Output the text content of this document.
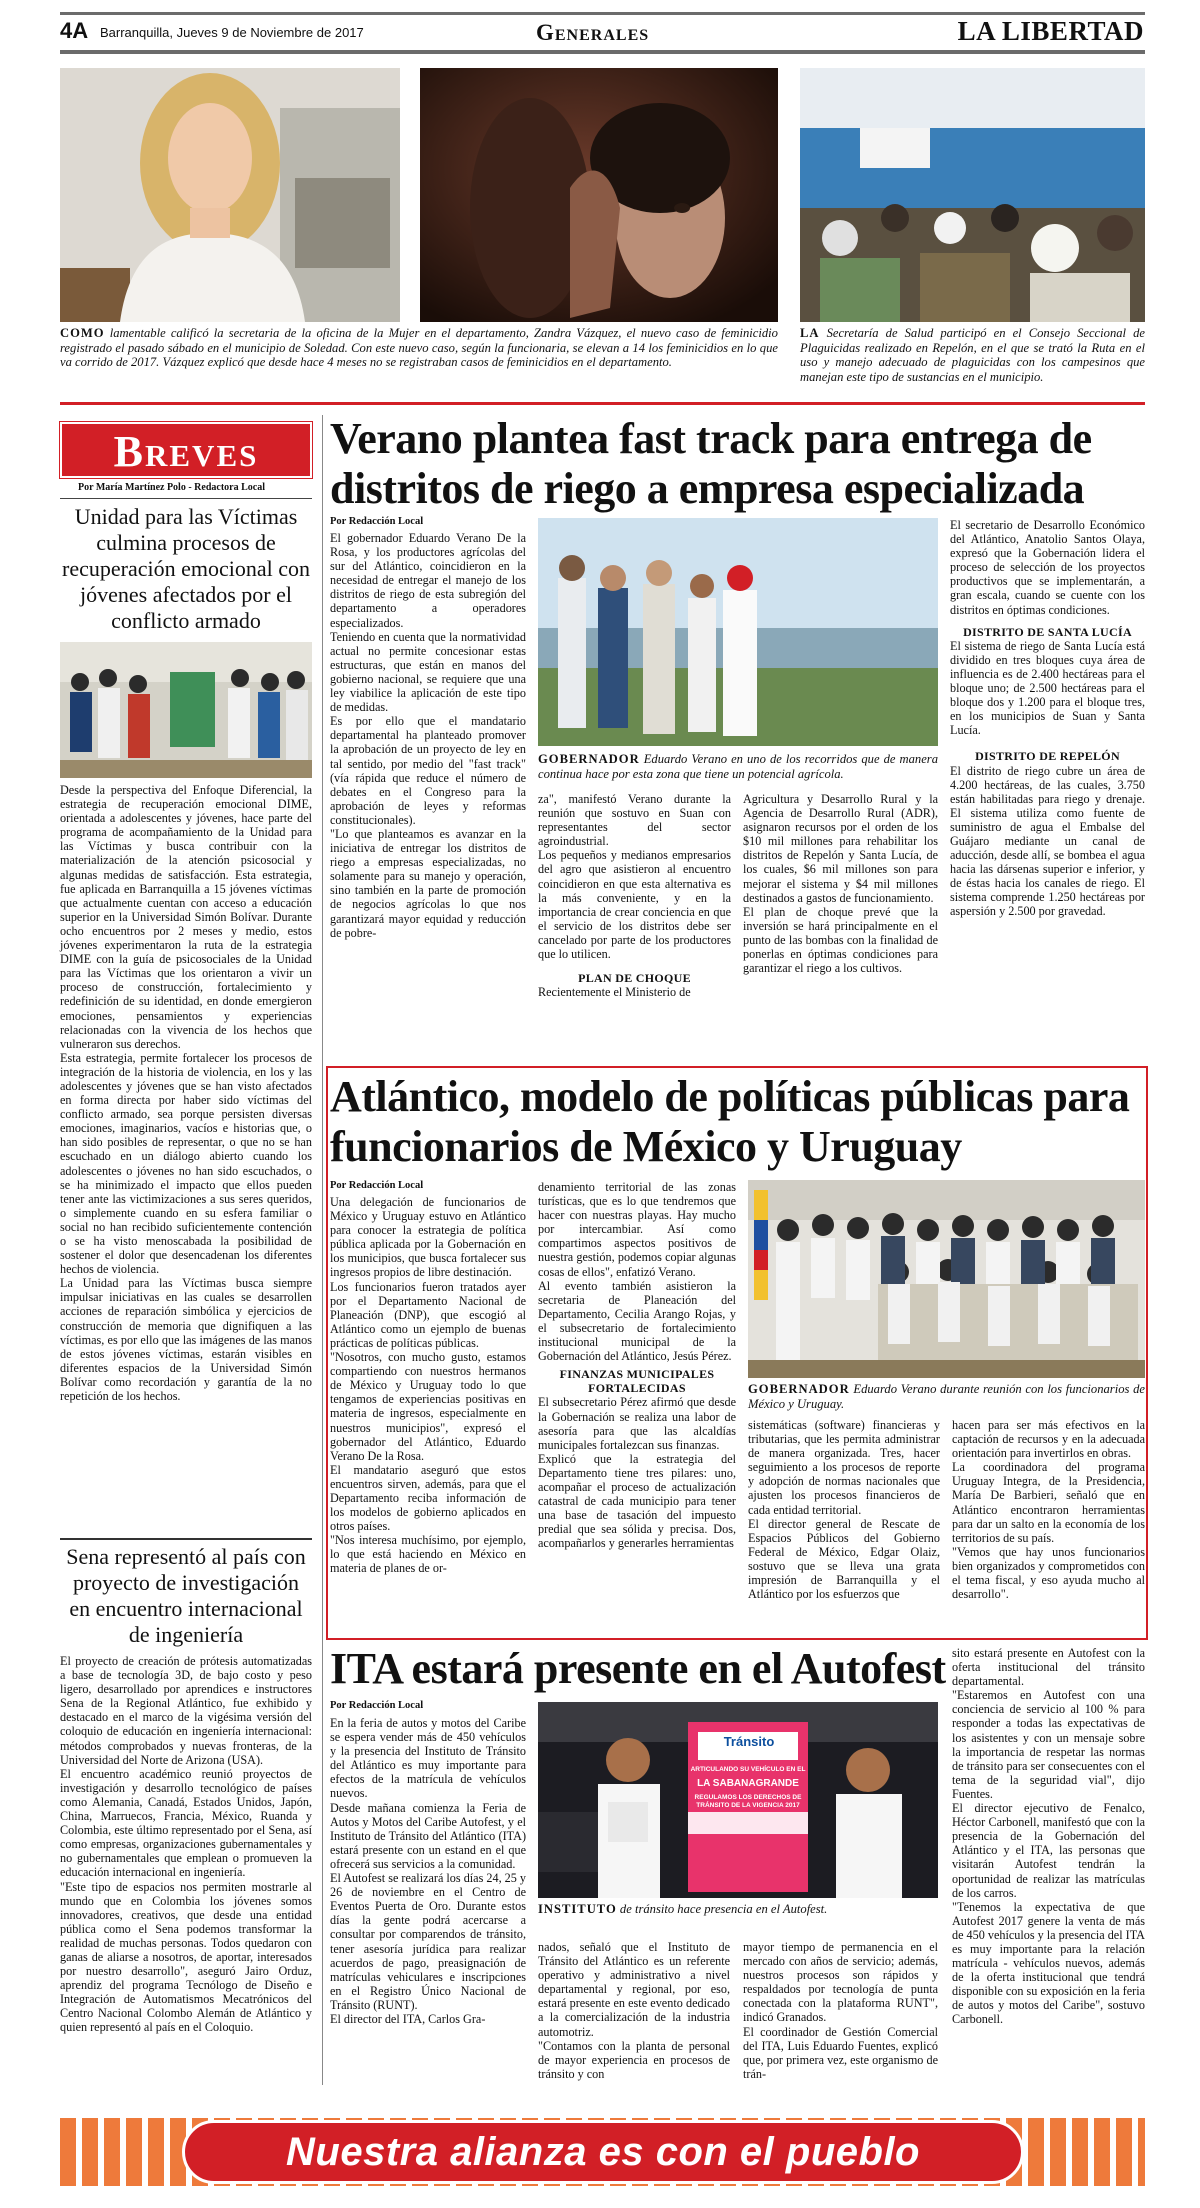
4A Barranquilla, Jueves 9 de Noviembre de 2017	Generales	LA LIBERTAD
COMO lamentable calificó la secretaria de la oficina de la Mujer en el departamento, Zandra Vázquez, el nuevo caso de feminicidio registrado el pasado sábado en el municipio de Soledad. Con este nuevo caso, según la funcionaria, se elevan a 14 los feminicidios en lo que va corrido de 2017. Vázquez explicó que desde hace 4 meses no se registraban casos de feminicidios en el departamento.
LA Secretaría de Salud participó en el Consejo Seccional de Plaguicidas realizado en Repelón, en el que se trató la Ruta en el uso y manejo adecuado de plaguicidas con los campesinos que manejan este tipo de sustancias en el municipio.
Breves
Por María Martínez Polo - Redactora Local
Unidad para las Víctimas culmina procesos de recuperación emocional con jóvenes afectados por el conflicto armado

Desde la perspectiva del Enfoque Diferencial, la estrategia de recuperación emocional DIME, orientada a adolescentes y jóvenes, hace parte del programa de acompañamiento de la Unidad para las Víctimas y busca contribuir con la materialización de la atención psicosocial y algunas medidas de satisfacción. Esta estrategia, fue aplicada en Barranquilla a 15 jóvenes víctimas que actualmente cuentan con acceso a educación superior en la Universidad Simón Bolívar. Durante ocho encuentros por 2 meses y medio, estos jóvenes experimentaron la ruta de la estrategia DIME con la guía de psicosociales de la Unidad para las Víctimas que los orientaron a vivir un proceso de construcción, fortalecimiento y redefinición de su identidad, en donde emergieron emociones, pensamientos y experiencias relacionadas con la vivencia de los hechos que vulneraron sus derechos.

Esta estrategia, permite fortalecer los procesos de integración de la historia de violencia, en los y las adolescentes y jóvenes que se han visto afectados en forma directa por haber sido víctimas del conflicto armado, sea porque persisten diversas emociones, imaginarios, vacíos e historias que, o han sido posibles de representar, o que no se han escuchado en un diálogo abierto cuando los adolescentes o jóvenes no han sido escuchados, o se ha minimizado el impacto que ellos pueden tener ante las victimizaciones a sus seres queridos, o simplemente cuando en su esfera familiar o social no han recibido suficientemente contención o se ha visto menoscabada la posibilidad de sostener el dolor que desencadenan los diferentes hechos de violencia.

La Unidad para las Víctimas busca siempre impulsar iniciativas en las cuales se desarrollen acciones de reparación simbólica y ejercicios de construcción de memoria que dignifiquen a las víctimas, es por ello que las imágenes de las manos de estos jóvenes víctimas, estarán visibles en diferentes espacios de la Universidad Simón Bolívar como recordación y garantía de la no repetición de los hechos.

Sena representó al país con proyecto de investigación en encuentro internacional de ingeniería

El proyecto de creación de prótesis automatizadas a base de tecnología 3D, de bajo costo y peso ligero, desarrollado por aprendices e instructores Sena de la Regional Atlántico, fue exhibido y destacado en el marco de la vigésima versión del coloquio de educación en ingeniería internacional: métodos comprobados y nuevas fronteras, de la Universidad del Norte de Arizona (USA).

El encuentro académico reunió proyectos de investigación y desarrollo tecnológico de países como Alemania, Canadá, Estados Unidos, Japón, China, Marruecos, Francia, México, Ruanda y Colombia, este último representado por el Sena, así como empresas, organizaciones gubernamentales y no gubernamentales que emplean o promueven la educación internacional en ingeniería.

"Este tipo de espacios nos permiten mostrarle al mundo que en Colombia los jóvenes somos innovadores, creativos, que desde una entidad pública como el Sena podemos transformar la realidad de muchas personas. Todos quedaron con ganas de aliarse a nosotros, de aportar, interesados por nuestro desarrollo", aseguró Jairo Orduz, aprendiz del programa Tecnólogo de Diseño e Integración de Automatismos Mecatrónicos del Centro Nacional Colombo Alemán de Atlántico y quien representó al país en el Coloquio.

Verano plantea fast track para entrega de distritos de riego a empresa especializada
Por Redacción Local
El gobernador Eduardo Verano De la Rosa, y los productores agrícolas del sur del Atlántico, coincidieron en la necesidad de entregar el manejo de los distritos de riego de esta subregión del departamento a operadores especializados.
Teniendo en cuenta que la normatividad actual no permite concesionar estas estructuras, que están en manos del gobierno nacional, se requiere que una ley viabilice la aplicación de este tipo de medidas.
Es por ello que el mandatario departamental ha planteado promover la aprobación de un proyecto de ley en tal sentido, por medio del "fast track" (vía rápida que reduce el número de debates en el Congreso para la aprobación de leyes y reformas constitucionales).
"Lo que planteamos es avanzar en la iniciativa de entregar los distritos de riego a empresas especializadas, no solamente para su manejo y operación, sino también en la parte de promoción de negocios agrícolas lo que nos garantizará mayor equidad y reducción de pobre-
GOBERNADOR Eduardo Verano en uno de los recorridos que de manera continua hace por esta zona que tiene un potencial agrícola.
za", manifestó Verano durante la reunión que sostuvo en Suan con representantes del sector agroindustrial.
Los pequeños y medianos empresarios del agro que asistieron al encuentro coincidieron en que esta alternativa es la más conveniente, y en la importancia de crear conciencia en que el servicio de los distritos debe ser cancelado por parte de los productores que lo utilicen.
PLAN DE CHOQUE
Recientemente el Ministerio de
Agricultura y Desarrollo Rural y la Agencia de Desarrollo Rural (ADR), asignaron recursos por el orden de los $10 mil millones para rehabilitar los distritos de Repelón y Santa Lucía, de los cuales, $6 mil millones son para mejorar el sistema y $4 mil millones destinados a gastos de funcionamiento.
El plan de choque prevé que la inversión se hará principalmente en el punto de las bombas con la finalidad de ponerlas en óptimas condiciones para garantizar el riego a los cultivos.
El secretario de Desarrollo Económico del Atlántico, Anatolio Santos Olaya, expresó que la Gobernación lidera el proceso de selección de los proyectos productivos que se implementarán, a gran escala, cuando se cuente con los distritos en óptimas condiciones.
DISTRITO DE SANTA LUCÍA
El sistema de riego de Santa Lucía está dividido en tres bloques cuya área de influencia es de 2.400 hectáreas para el bloque uno; de 2.500 hectáreas para el bloque dos y 1.200 para el bloque tres, en los municipios de Suan y Santa Lucía.
DISTRITO DE REPELÓN
El distrito de riego cubre un área de 4.200 hectáreas, de las cuales, 3.750 están habilitadas para riego y drenaje. El sistema utiliza como fuente de suministro de agua el Embalse del Guájaro mediante un canal de aducción, desde allí, se bombea el agua hacia las dársenas superior e inferior, y de éstas hacia los canales de riego. El sistema comprende 1.250 hectáreas por aspersión y 2.500 por gravedad.
Atlántico, modelo de políticas públicas para funcionarios de México y Uruguay
Por Redacción Local
Una delegación de funcionarios de México y Uruguay estuvo en Atlántico para conocer la estrategia de política pública aplicada por la Gobernación en los municipios, que busca fortalecer sus ingresos propios de libre destinación.
Los funcionarios fueron tratados ayer por el Departamento Nacional de Planeación (DNP), que escogió al Atlántico como un ejemplo de buenas prácticas de políticas públicas.
"Nosotros, con mucho gusto, estamos compartiendo con nuestros hermanos de México y Uruguay todo lo que tengamos de experiencias positivas en materia de ingresos, especialmente en nuestros municipios", expresó el gobernador del Atlántico, Eduardo Verano De la Rosa.
El mandatario aseguró que estos encuentros sirven, además, para que el Departamento reciba información de los modelos de gobierno aplicados en otros países.
"Nos interesa muchísimo, por ejemplo, lo que está haciendo en México en materia de planes de or-
denamiento territorial de las zonas turísticas, que es lo que tendremos que hacer con nuestras playas. Hay mucho por intercambiar. Así como compartimos aspectos positivos de nuestra gestión, podemos copiar algunas cosas de ellos", enfatizó Verano.
Al evento también asistieron la secretaria de Planeación del Departamento, Cecilia Arango Rojas, y el subsecretario de fortalecimiento institucional municipal de la Gobernación del Atlántico, Jesús Pérez.
FINANZAS MUNICIPALES FORTALECIDAS
El subsecretario Pérez afirmó que desde la Gobernación se realiza una labor de asesoría para que las alcaldías municipales fortalezcan sus finanzas.
Explicó que la estrategia del Departamento tiene tres pilares: uno, acompañar el proceso de actualización catastral de cada municipio para tener una base de tasación del impuesto predial que sea sólida y precisa. Dos, acompañarlos y generarles herramientas
GOBERNADOR Eduardo Verano durante reunión con los funcionarios de México y Uruguay.
sistemáticas (software) financieras y tributarias, que les permita administrar de manera organizada. Tres, hacer seguimiento a los procesos de reporte y adopción de normas nacionales que ajusten los procesos financieros de cada entidad territorial.
El director general de Rescate de Espacios Públicos del Gobierno Federal de México, Edgar Olaiz, sostuvo que se lleva una grata impresión de Barranquilla y el Atlántico por los esfuerzos que
hacen para ser más efectivos en la captación de recursos y en la adecuada orientación para invertirlos en obras.
La coordinadora del programa Uruguay Integra, de la Presidencia, María De Barbieri, señaló que en Atlántico encontraron herramientas para dar un salto en la economía de los territorios de su país.
"Vemos que hay unos funcionarios bien organizados y comprometidos con el tema fiscal, y eso ayuda mucho al desarrollo".
ITA estará presente en el Autofest
Por Redacción Local
En la feria de autos y motos del Caribe se espera vender más de 450 vehículos y la presencia del Instituto de Tránsito del Atlántico es muy importante para efectos de la matrícula de vehículos nuevos.
Desde mañana comienza la Feria de Autos y Motos del Caribe Autofest, y el Instituto de Tránsito del Atlántico (ITA) estará presente con un estand en el que ofrecerá sus servicios a la comunidad.
El Autofest se realizará los días 24, 25 y 26 de noviembre en el Centro de Eventos Puerta de Oro. Durante estos días la gente podrá acercarse a consultar por comparendos de tránsito, tener asesoría jurídica para realizar acuerdos de pago, preasignación de matrículas vehiculares e inscripciones en el Registro Único Nacional de Tránsito (RUNT).
El director del ITA, Carlos Gra-
Tránsito
ARTICULANDO SU VEHÍCULO EN EL
LA SABANAGRANDE
REGULAMOS LOS DERECHOS DE
TRÁNSITO DE LA VIGENCIA 2017
INSTITUTO de tránsito hace presencia en el Autofest.
nados, señaló que el Instituto de Tránsito del Atlántico es un referente operativo y administrativo a nivel departamental y regional, por eso, estará presente en este evento dedicado a la comercialización de la industria automotriz.
"Contamos con la planta de personal de mayor experiencia en procesos de tránsito y con
mayor tiempo de permanencia en el mercado con años de servicio; además, nuestros procesos son rápidos y respaldados por tecnología de punta conectada con la plataforma RUNT", indicó Granados.
El coordinador de Gestión Comercial del ITA, Luis Eduardo Fuentes, explicó que, por primera vez, este organismo de trán-
sito estará presente en Autofest con la oferta institucional del tránsito departamental.
"Estaremos en Autofest con una conciencia de servicio al 100 % para responder a todas las expectativas de los asistentes y con un mensaje sobre la importancia de respetar las normas de tránsito para ser consecuentes con el tema de la seguridad vial", dijo Fuentes.
El director ejecutivo de Fenalco, Héctor Carbonell, manifestó que con la presencia de la Gobernación del Atlántico y el ITA, las personas que visitarán Autofest tendrán la oportunidad de realizar las matrículas de los carros.
"Tenemos la expectativa de que Autofest 2017 genere la venta de más de 450 vehículos y la presencia del ITA es muy importante para la relación matrícula - vehículos nuevos, además de la oferta institucional que tendrá disponible con su exposición en la feria de autos y motos del Caribe", sostuvo Carbonell.
Nuestra alianza es con el pueblo
